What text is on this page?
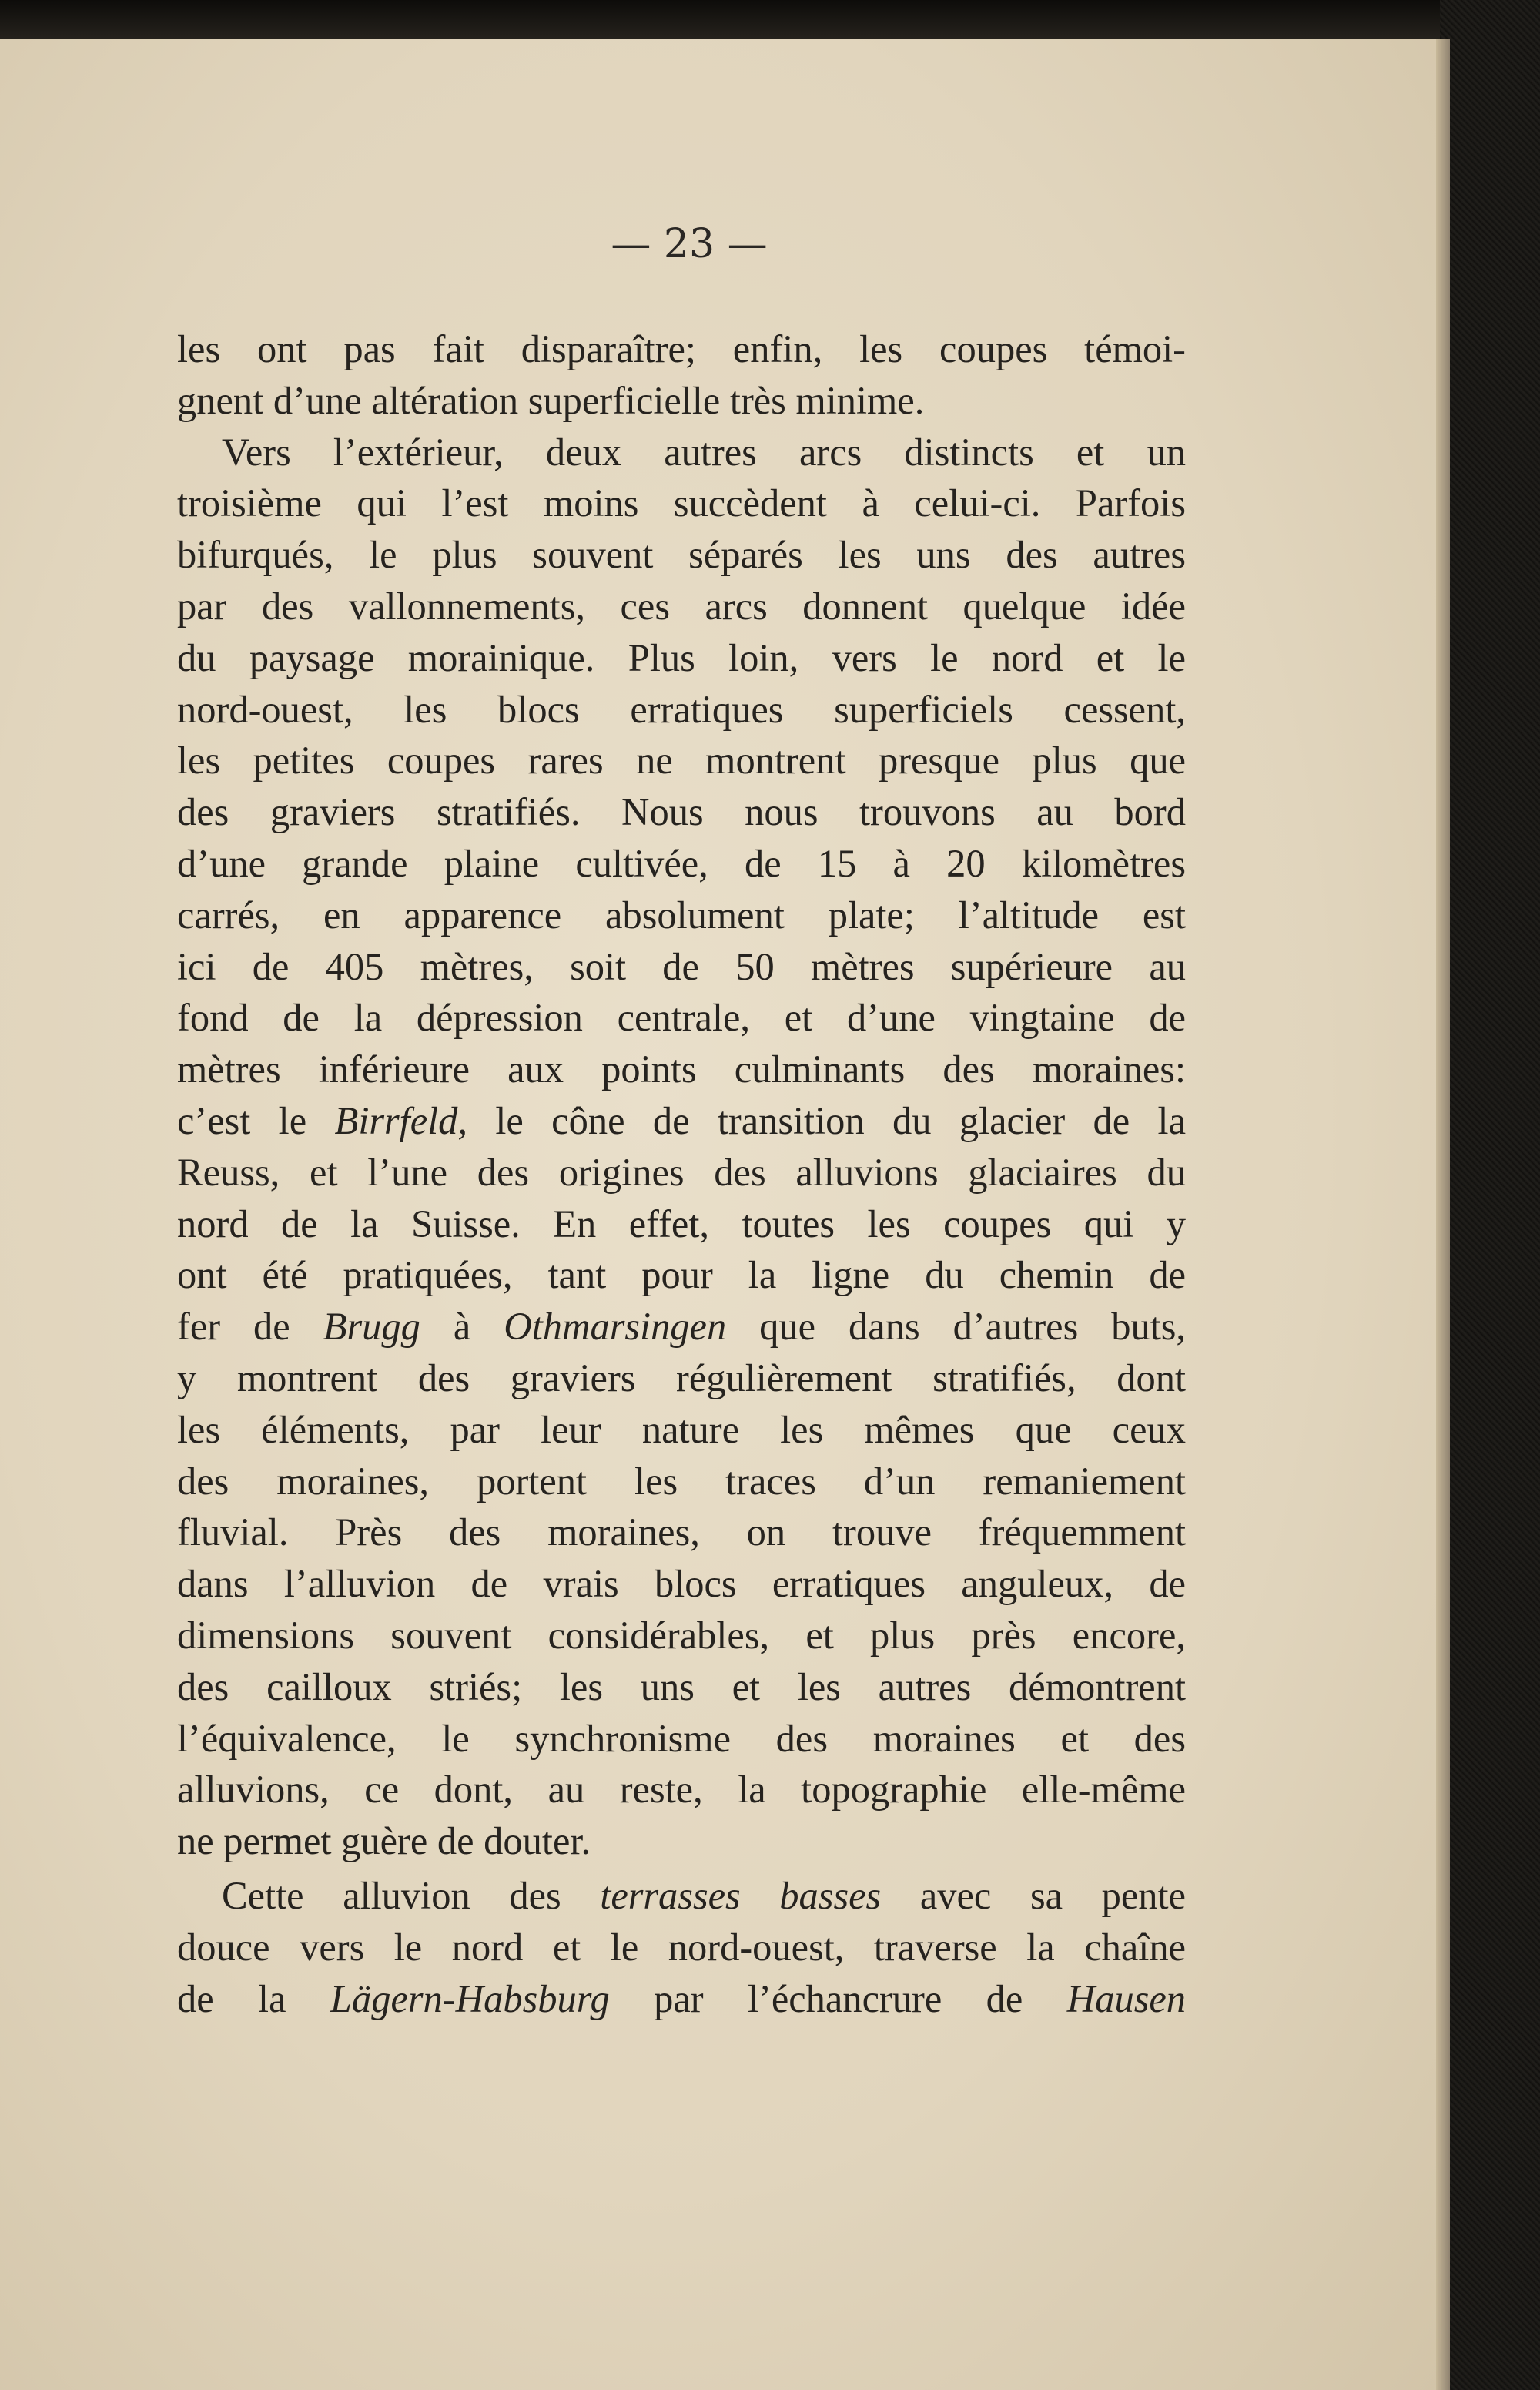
— 23 —
les ont pas fait disparaître; enfin, les coupes témoi-
gnent d’une altération superficielle très minime.
Vers l’extérieur, deux autres arcs distincts et un
troisième qui l’est moins succèdent à celui-ci. Parfois
bifurqués, le plus souvent séparés les uns des autres
par des vallonnements, ces arcs donnent quelque idée
du paysage morainique. Plus loin, vers le nord et le
nord-ouest, les blocs erratiques superficiels cessent,
les petites coupes rares ne montrent presque plus que
des graviers stratifiés. Nous nous trouvons au bord
d’une grande plaine cultivée, de 15 à 20 kilomètres
carrés, en apparence absolument plate; l’altitude est
ici de 405 mètres, soit de 50 mètres supérieure au
fond de la dépression centrale, et d’une vingtaine de
mètres inférieure aux points culminants des moraines:
c’est le Birrfeld, le cône de transition du glacier de la
Reuss, et l’une des origines des alluvions glaciaires du
nord de la Suisse. En effet, toutes les coupes qui y
ont été pratiquées, tant pour la ligne du chemin de
fer de Brugg à Othmarsingen que dans d’autres buts,
y montrent des graviers régulièrement stratifiés, dont
les éléments, par leur nature les mêmes que ceux
des moraines, portent les traces d’un remaniement
fluvial. Près des moraines, on trouve fréquemment
dans l’alluvion de vrais blocs erratiques anguleux, de
dimensions souvent considérables, et plus près encore,
des cailloux striés; les uns et les autres démontrent
l’équivalence, le synchronisme des moraines et des
alluvions, ce dont, au reste, la topographie elle-même
ne permet guère de douter.
Cette alluvion des terrasses basses avec sa pente
douce vers le nord et le nord-ouest, traverse la chaîne
de la Lägern-Habsburg par l’échancrure de Hausen
